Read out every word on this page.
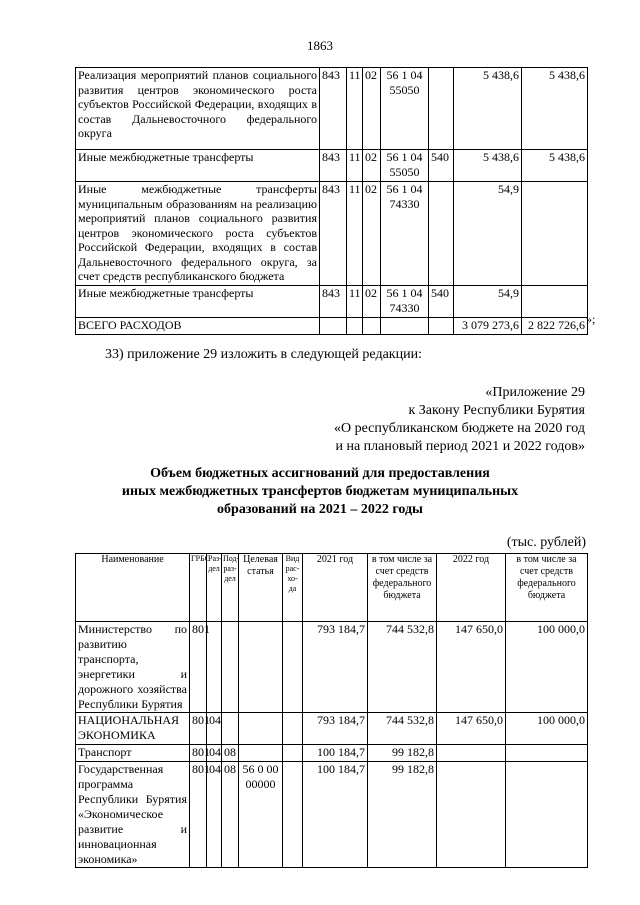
1863
Реализация мероприятий планов социального развития центров экономического роста субъектов Российской Федерации, входящих в состав Дальневосточного федерального округа	843	11	02	56 1 04 55050		5 438,6	5 438,6
Иные межбюджетные трансферты	843	11	02	56 1 04 55050	540	5 438,6	5 438,6
Иные межбюджетные трансферты муниципальным образованиям на реализацию мероприятий планов социального развития центров экономического роста субъектов Российской Федерации, входящих в состав Дальневосточного федерального округа, за счет средств республиканского бюджета	843	11	02	56 1 04 74330		54,9	
Иные межбюджетные трансферты	843	11	02	56 1 04 74330	540	54,9	
ВСЕГО РАСХОДОВ						3 079 273,6	2 822 726,6 »;
33) приложение 29 изложить в следующей редакции:
«Приложение 29
к Закону Республики Бурятия
«О республиканском бюджете на 2020 год
и на плановый период 2021 и 2022 годов»
Объем бюджетных ассигнований для предоставления
иных межбюджетных трансфертов бюджетам муниципальных
образований на 2021 – 2022 годы
(тыс. рублей)
Наименование	ГРБС	Раз-дел	Под-раз-дел	Целевая статья	Вид рас-хо-да	2021 год	в том числе за счет средств федерального бюджета	2022 год	в том числе за счет средств федерального бюджета
Министерство по развитию транспорта, энергетики и дорожного хозяйства Республики Бурятия	801					793 184,7	744 532,8	147 650,0	100 000,0
НАЦИОНАЛЬНАЯ ЭКОНОМИКА	801	04				793 184,7	744 532,8	147 650,0	100 000,0
Транспорт	801	04	08			100 184,7	99 182,8		
Государственная программа Республики Бурятия «Экономическое развитие и инновационная экономика»	801	04	08	56 0 00 00000		100 184,7	99 182,8		
